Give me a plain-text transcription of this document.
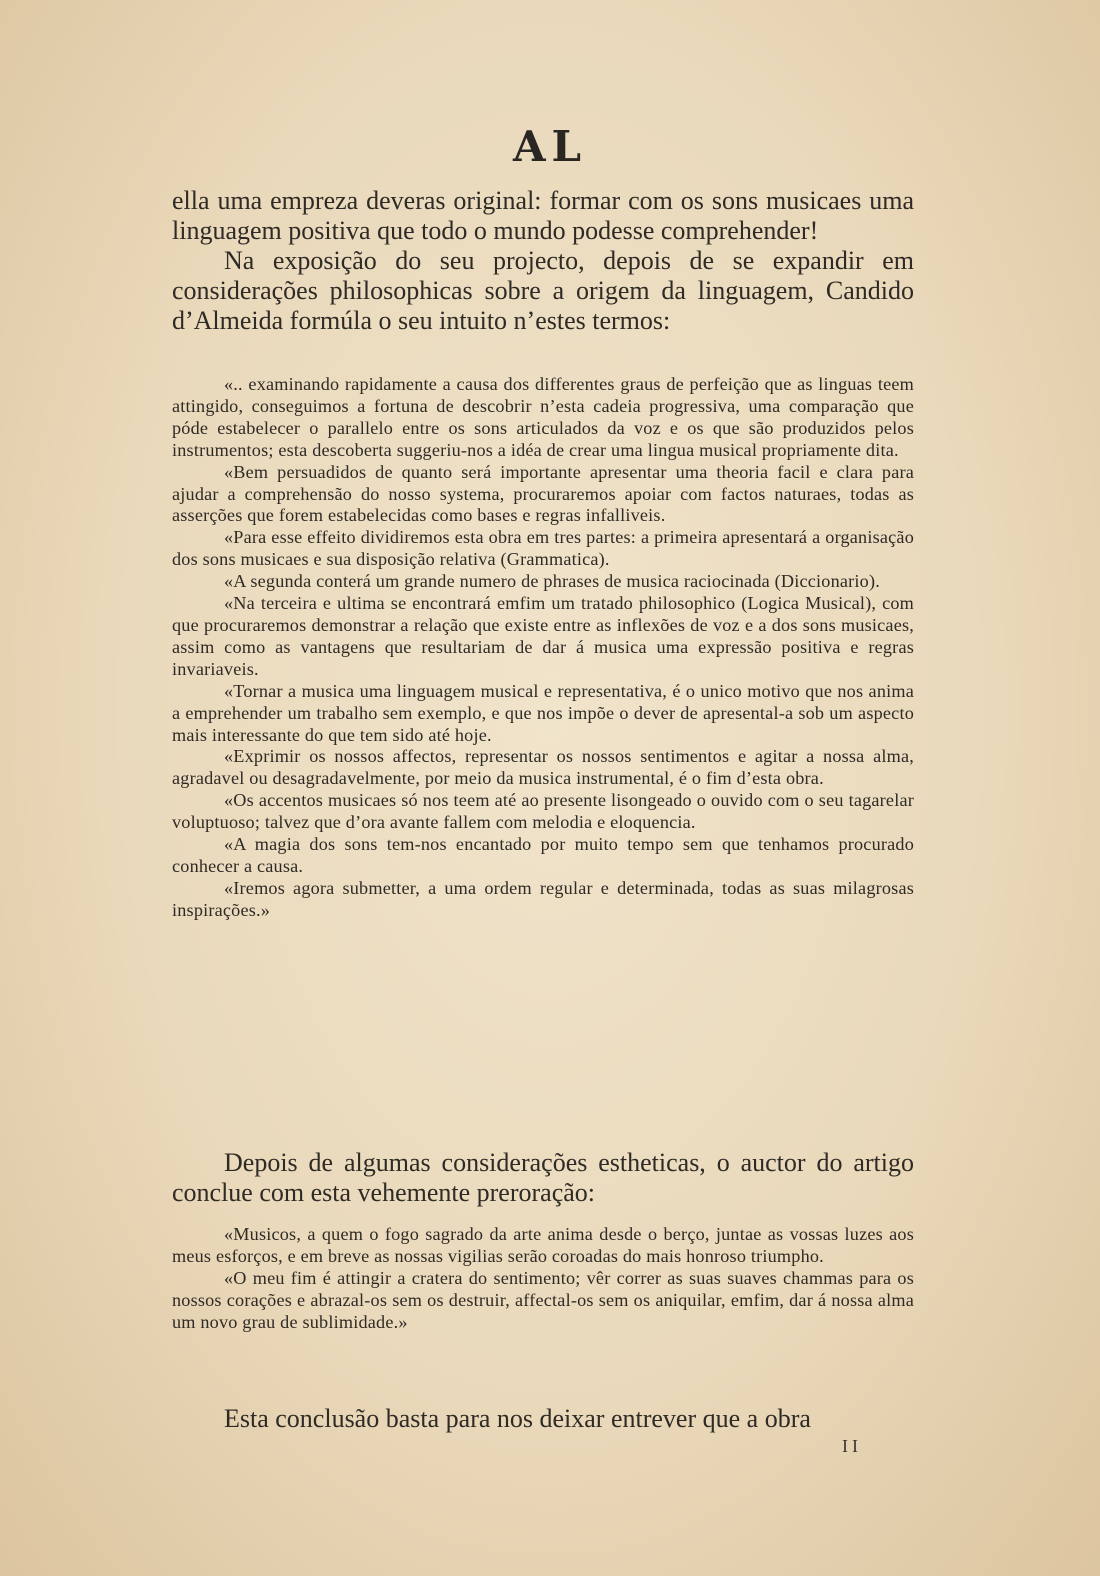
AL

ella uma empreza deveras original: formar com os sons musicaes uma linguagem positiva que todo o mundo podesse comprehender!

Na exposição do seu projecto, depois de se expandir em considerações philosophicas sobre a origem da linguagem, Candido d’Almeida formúla o seu intuito n’estes termos:

«.. examinando rapidamente a causa dos differentes graus de perfeição que as linguas teem attingido, conseguimos a fortuna de descobrir n’esta cadeia progressiva, uma comparação que póde estabelecer o parallelo entre os sons articulados da voz e os que são produzidos pelos instrumentos; esta descoberta suggeriu-nos a idéa de crear uma lingua musical propriamente dita.

«Bem persuadidos de quanto será importante apresentar uma theoria facil e clara para ajudar a comprehensão do nosso systema, procuraremos apoiar com factos naturaes, todas as asserções que forem estabelecidas como bases e regras infalliveis.

«Para esse effeito dividiremos esta obra em tres partes: a primeira apresentará a organisação dos sons musicaes e sua disposição relativa (Grammatica).

«A segunda conterá um grande numero de phrases de musica raciocinada (Diccionario).

«Na terceira e ultima se encontrará emfim um tratado philosophico (Logica Musical), com que procuraremos demonstrar a relação que existe entre as inflexões de voz e a dos sons musicaes, assim como as vantagens que resultariam de dar á musica uma expressão positiva e regras invariaveis.

«Tornar a musica uma linguagem musical e representativa, é o unico motivo que nos anima a emprehender um trabalho sem exemplo, e que nos impõe o dever de apresental-a sob um aspecto mais interessante do que tem sido até hoje.

«Exprimir os nossos affectos, representar os nossos sentimentos e agitar a nossa alma, agradavel ou desagradavelmente, por meio da musica instrumental, é o fim d’esta obra.

«Os accentos musicaes só nos teem até ao presente lisongeado o ouvido com o seu tagarelar voluptuoso; talvez que d’ora avante fallem com melodia e eloquencia.

«A magia dos sons tem-nos encantado por muito tempo sem que tenhamos procurado conhecer a causa.

«Iremos agora submetter, a uma ordem regular e determinada, todas as suas milagrosas inspirações.»

Depois de algumas considerações estheticas, o auctor do artigo conclue com esta vehemente preroração:

«Musicos, a quem o fogo sagrado da arte anima desde o berço, juntae as vossas luzes aos meus esforços, e em breve as nossas vigilias serão coroadas do mais honroso triumpho.

«O meu fim é attingir a cratera do sentimento; vêr correr as suas suaves chammas para os nossos corações e abrazal-os sem os destruir, affectal-os sem os aniquilar, emfim, dar á nossa alma um novo grau de sublimidade.»

Esta conclusão basta para nos deixar entrever que a obra

II
